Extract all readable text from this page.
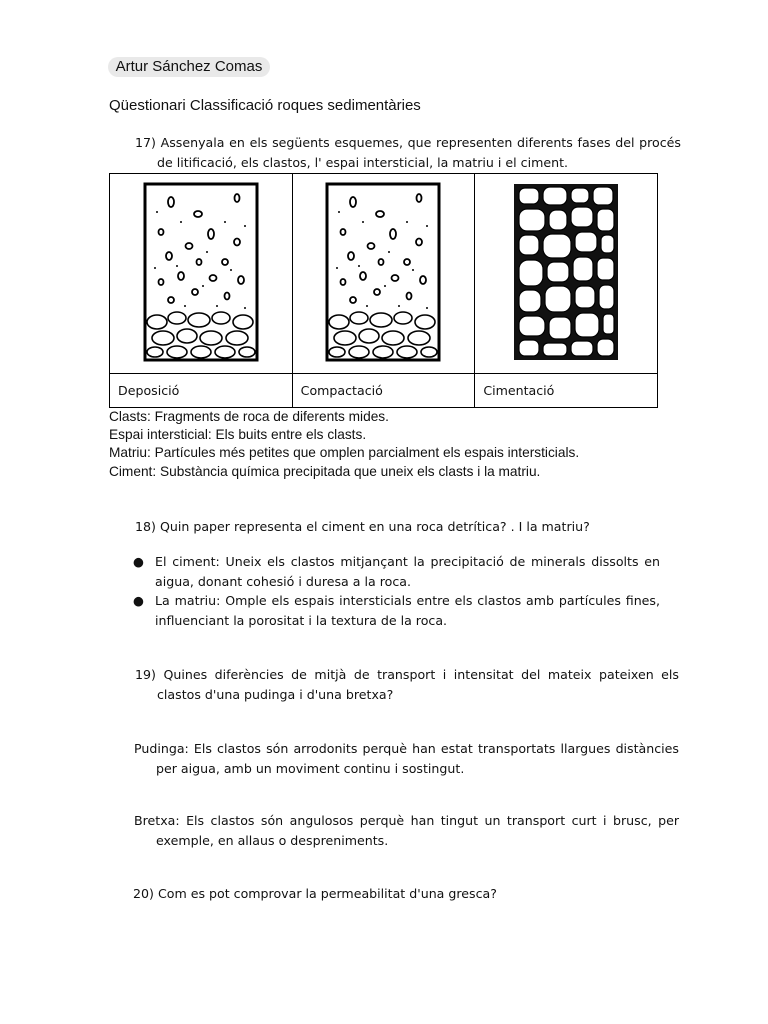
Artur Sánchez Comas
Qüestionari Classificació roques sedimentàries
17) Assenyala en els següents esquemes, que representen diferents fases del procés de litificació, els clastos, l' espai intersticial, la matriu i el ciment.

Deposició	Compactació	Cimentació
Clasts: Fragments de roca de diferents mides.
Espai intersticial: Els buits entre els clasts.
Matriu: Partícules més petites que omplen parcialment els espais intersticials.
Ciment: Substància química precipitada que uneix els clasts i la matriu.
18) Quin paper representa el ciment en una roca detrítica? . I la matriu?
● El ciment: Uneix els clastos mitjançant la precipitació de minerals dissolts en aigua, donant cohesió i duresa a la roca.
● La matriu: Omple els espais intersticials entre els clastos amb partícules fines, influenciant la porositat i la textura de la roca.
19) Quines diferències de mitjà de transport i intensitat del mateix pateixen els clastos d'una pudinga i d'una bretxa?
Pudinga: Els clastos són arrodonits perquè han estat transportats llargues distàncies per aigua, amb un moviment continu i sostingut.
Bretxa: Els clastos són angulosos perquè han tingut un transport curt i brusc, per exemple, en allaus o despreniments.
20) Com es pot comprovar la permeabilitat d'una gresca?
